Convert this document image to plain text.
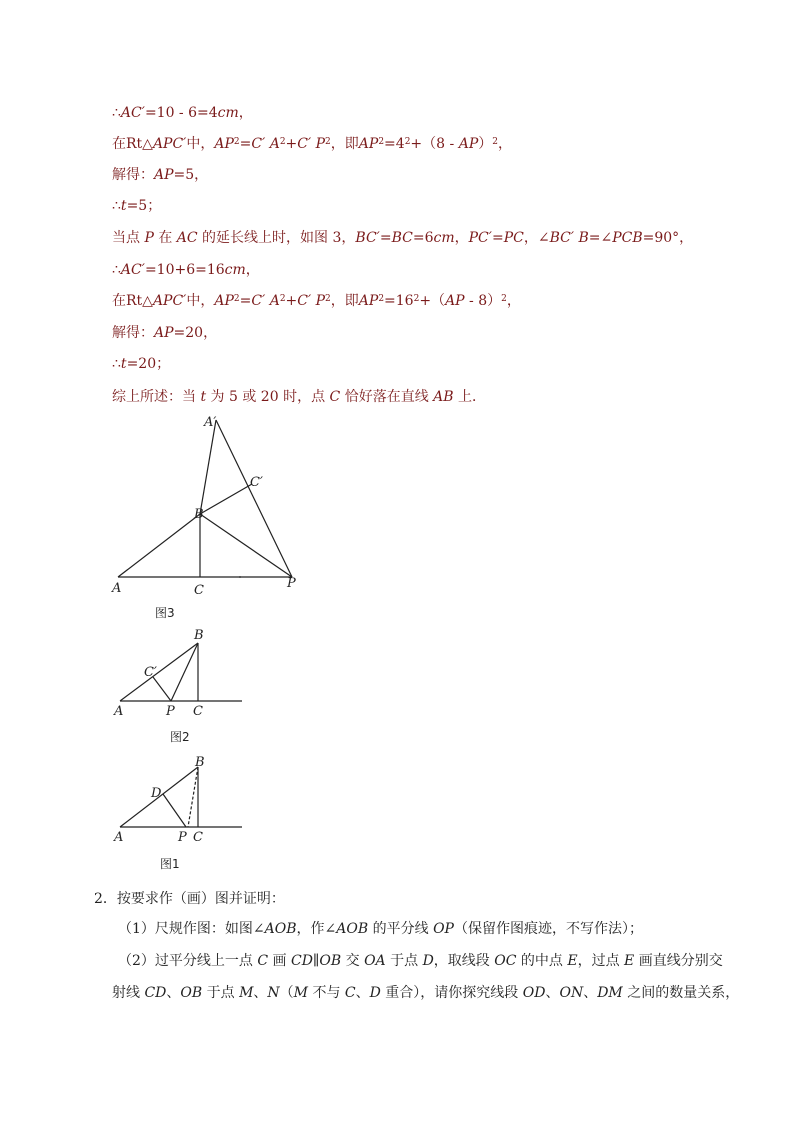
∴AC′=10 - 6=4cm，
在Rt△APC′中，$AP^2=C'$ $A^2+C'$ $P^2$，即$AP^2=4^2+(8 - AP)^2$，
解得：AP=5，
∴t=5；
当点 P 在 AC 的延长线上时，如图 3，BC′=BC=6cm，PC′=PC，∠BC′ B=∠PCB=90°，
∴AC′=10+6=16cm，
在Rt△APC′中，$AP^2=C'$ $A^2+C'$ $P^2$，即$AP^2=16^2+(AP - 8)^2$，
解得：AP=20，
∴t=20；
综上所述：当 t 为 5 或 20 时，点 C 恰好落在直线 AB 上．
A′
C′
B
A	C	P
图3
B
C′
A	P C
图2
B
D
A	P C
图1
2．按要求作（画）图并证明：
（1）尺规作图：如图∠AOB，作∠AOB 的平分线 OP（保留作图痕迹，不写作法）；
（2）过平分线上一点 C 画 CD∥OB 交 OA 于点 D，取线段 OC 的中点 E，过点 E 画直线分别交
射线 CD、OB 于点 M、N（M 不与 C、D 重合），请你探究线段 OD、ON、DM 之间的数量关系，
